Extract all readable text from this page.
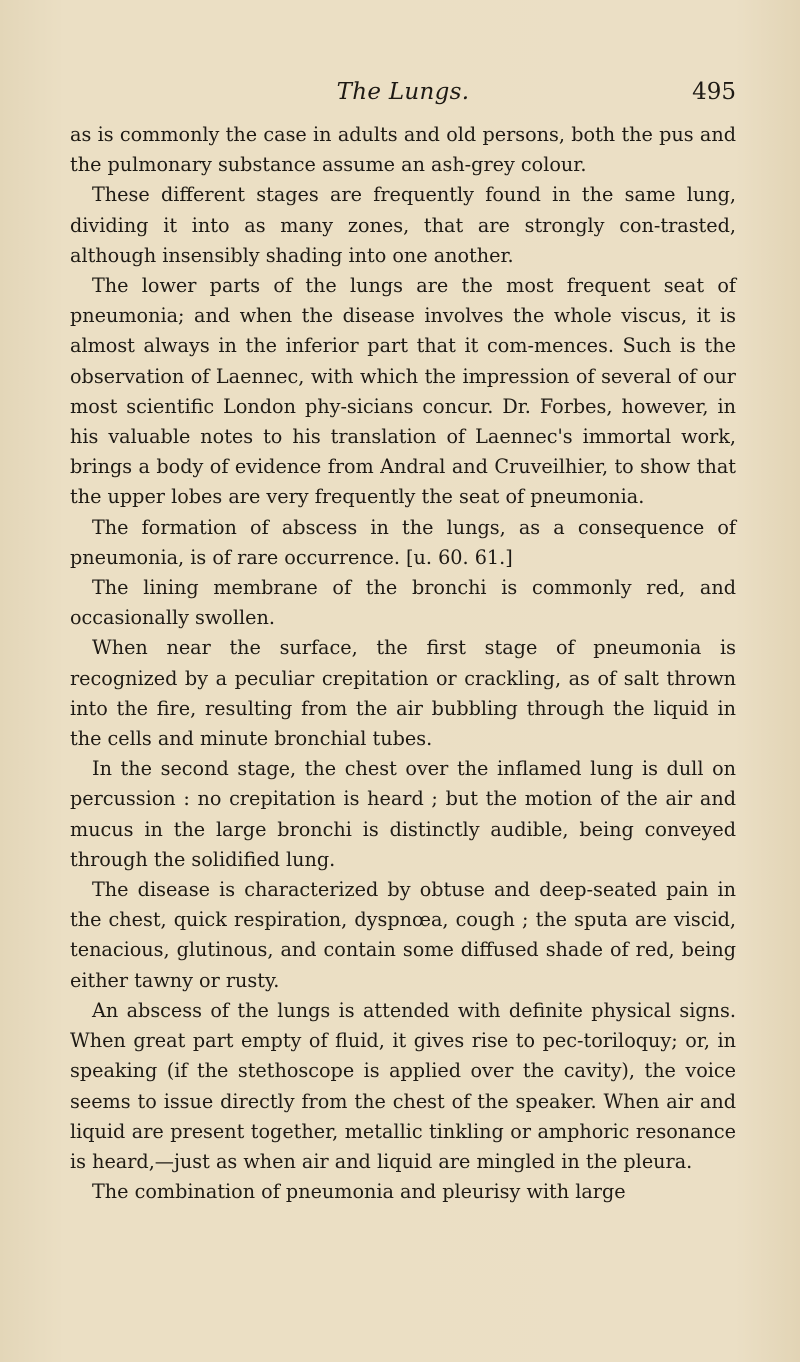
The Lungs.	495

as is commonly the case in adults and old persons, both the pus and the pulmonary substance assume an ash-grey colour.

These different stages are frequently found in the same lung, dividing it into as many zones, that are strongly con-trasted, although insensibly shading into one another.

The lower parts of the lungs are the most frequent seat of pneumonia; and when the disease involves the whole viscus, it is almost always in the inferior part that it com-mences. Such is the observation of Laennec, with which the impression of several of our most scientific London phy-sicians concur. Dr. Forbes, however, in his valuable notes to his translation of Laennec's immortal work, brings a body of evidence from Andral and Cruveilhier, to show that the upper lobes are very frequently the seat of pneumonia.

The formation of abscess in the lungs, as a consequence of pneumonia, is of rare occurrence. [u. 60. 61.]

The lining membrane of the bronchi is commonly red, and occasionally swollen.

When near the surface, the first stage of pneumonia is recognized by a peculiar crepitation or crackling, as of salt thrown into the fire, resulting from the air bubbling through the liquid in the cells and minute bronchial tubes.

In the second stage, the chest over the inflamed lung is dull on percussion : no crepitation is heard ; but the motion of the air and mucus in the large bronchi is distinctly audible, being conveyed through the solidified lung.

The disease is characterized by obtuse and deep-seated pain in the chest, quick respiration, dyspnœa, cough ; the sputa are viscid, tenacious, glutinous, and contain some diffused shade of red, being either tawny or rusty.

An abscess of the lungs is attended with definite physical signs. When great part empty of fluid, it gives rise to pec-toriloquy; or, in speaking (if the stethoscope is applied over the cavity), the voice seems to issue directly from the chest of the speaker. When air and liquid are present together, metallic tinkling or amphoric resonance is heard,—just as when air and liquid are mingled in the pleura.

The combination of pneumonia and pleurisy with large
